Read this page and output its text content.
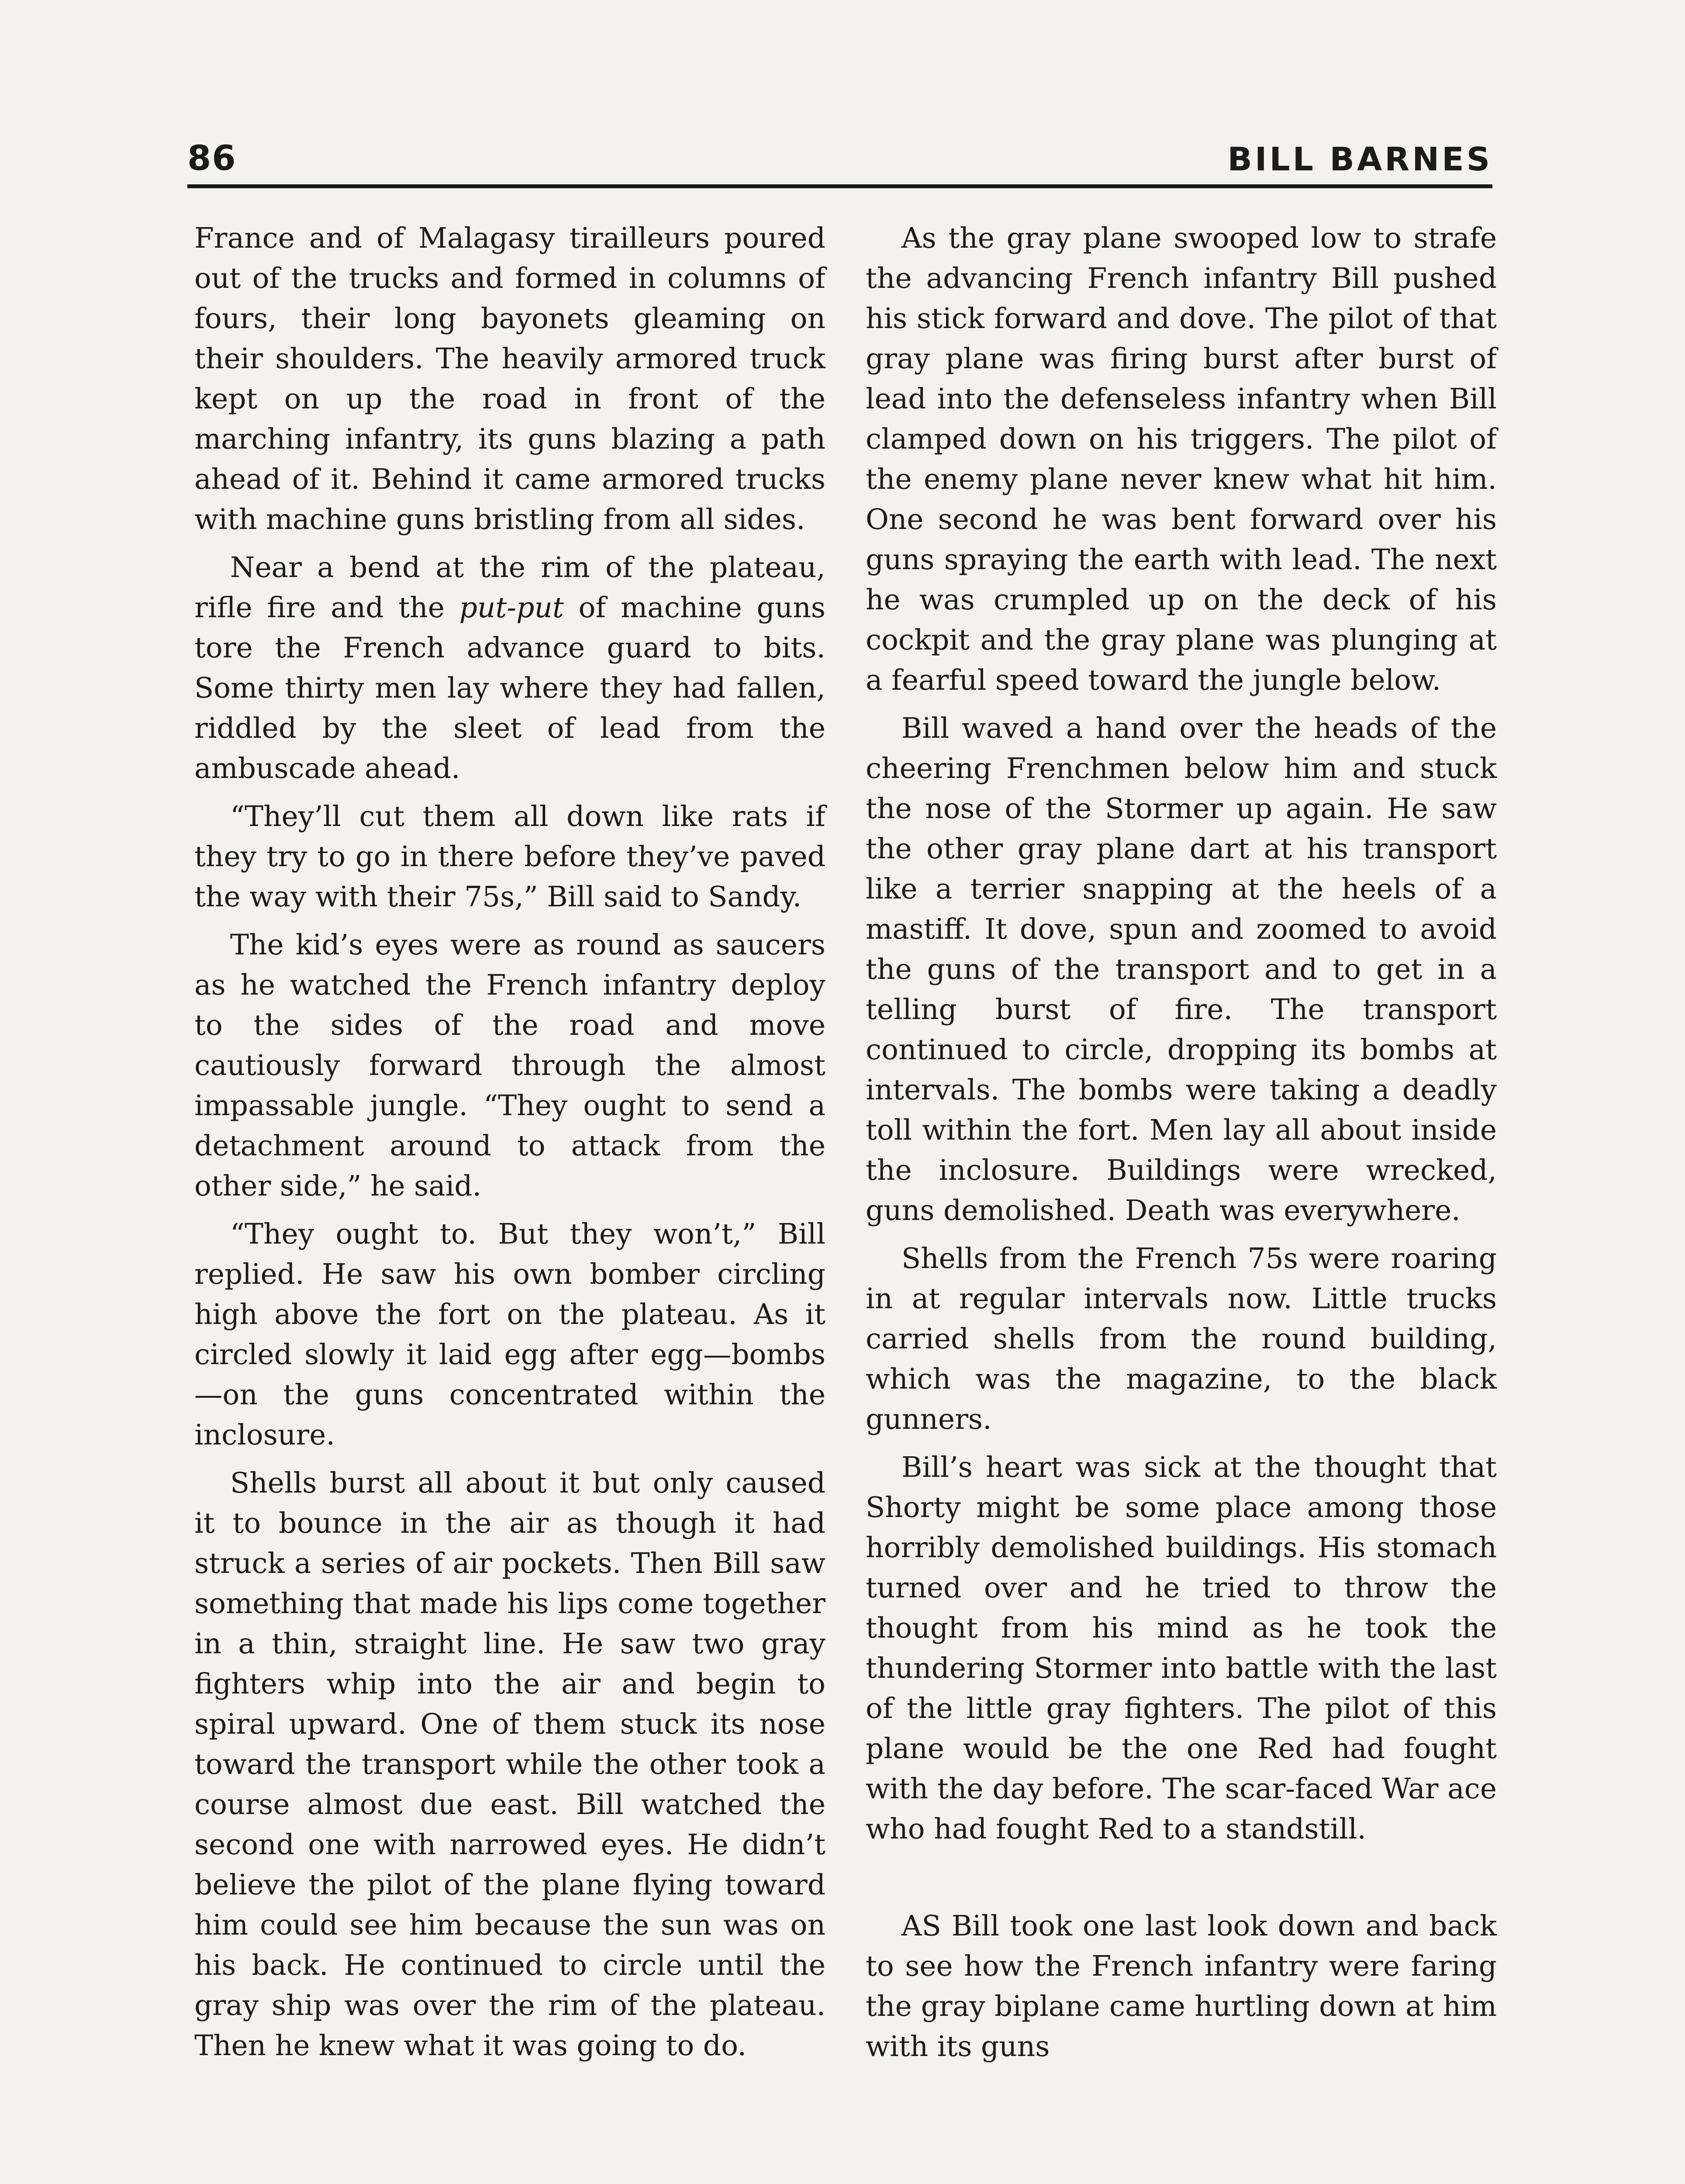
86	BILL BARNES

France and of Malagasy tirailleurs poured out of the trucks and formed in columns of fours, their long bayonets gleaming on their shoulders. The heavily armored truck kept on up the road in front of the marching infantry, its guns blazing a path ahead of it. Behind it came armored trucks with machine guns bristling from all sides.

Near a bend at the rim of the plateau, rifle fire and the put-put of machine guns tore the French advance guard to bits. Some thirty men lay where they had fallen, riddled by the sleet of lead from the ambuscade ahead.

“They’ll cut them all down like rats if they try to go in there before they’ve paved the way with their 75s,” Bill said to Sandy.

The kid’s eyes were as round as saucers as he watched the French infantry deploy to the sides of the road and move cautiously forward through the almost impassable jungle. “They ought to send a detachment around to attack from the other side,” he said.

“They ought to. But they won’t,” Bill replied. He saw his own bomber circling high above the fort on the plateau. As it circled slowly it laid egg after egg—bombs—on the guns concentrated within the inclosure.

Shells burst all about it but only caused it to bounce in the air as though it had struck a series of air pockets. Then Bill saw something that made his lips come together in a thin, straight line. He saw two gray fighters whip into the air and begin to spiral upward. One of them stuck its nose toward the transport while the other took a course almost due east. Bill watched the second one with narrowed eyes. He didn’t believe the pilot of the plane flying toward him could see him because the sun was on his back. He continued to circle until the gray ship was over the rim of the plateau. Then he knew what it was going to do.

As the gray plane swooped low to strafe the advancing French infantry Bill pushed his stick forward and dove. The pilot of that gray plane was firing burst after burst of lead into the defenseless infantry when Bill clamped down on his triggers. The pilot of the enemy plane never knew what hit him. One second he was bent forward over his guns spraying the earth with lead. The next he was crumpled up on the deck of his cockpit and the gray plane was plunging at a fearful speed toward the jungle below.

Bill waved a hand over the heads of the cheering Frenchmen below him and stuck the nose of the Stormer up again. He saw the other gray plane dart at his transport like a terrier snapping at the heels of a mastiff. It dove, spun and zoomed to avoid the guns of the transport and to get in a telling burst of fire. The transport continued to circle, dropping its bombs at intervals. The bombs were taking a deadly toll within the fort. Men lay all about inside the inclosure. Buildings were wrecked, guns demolished. Death was everywhere.

Shells from the French 75s were roaring in at regular intervals now. Little trucks carried shells from the round building, which was the magazine, to the black gunners.

Bill’s heart was sick at the thought that Shorty might be some place among those horribly demolished buildings. His stomach turned over and he tried to throw the thought from his mind as he took the thundering Stormer into battle with the last of the little gray fighters. The pilot of this plane would be the one Red had fought with the day before. The scar-faced War ace who had fought Red to a standstill.

AS Bill took one last look down and back to see how the French infantry were faring the gray biplane came hurtling down at him with its guns
